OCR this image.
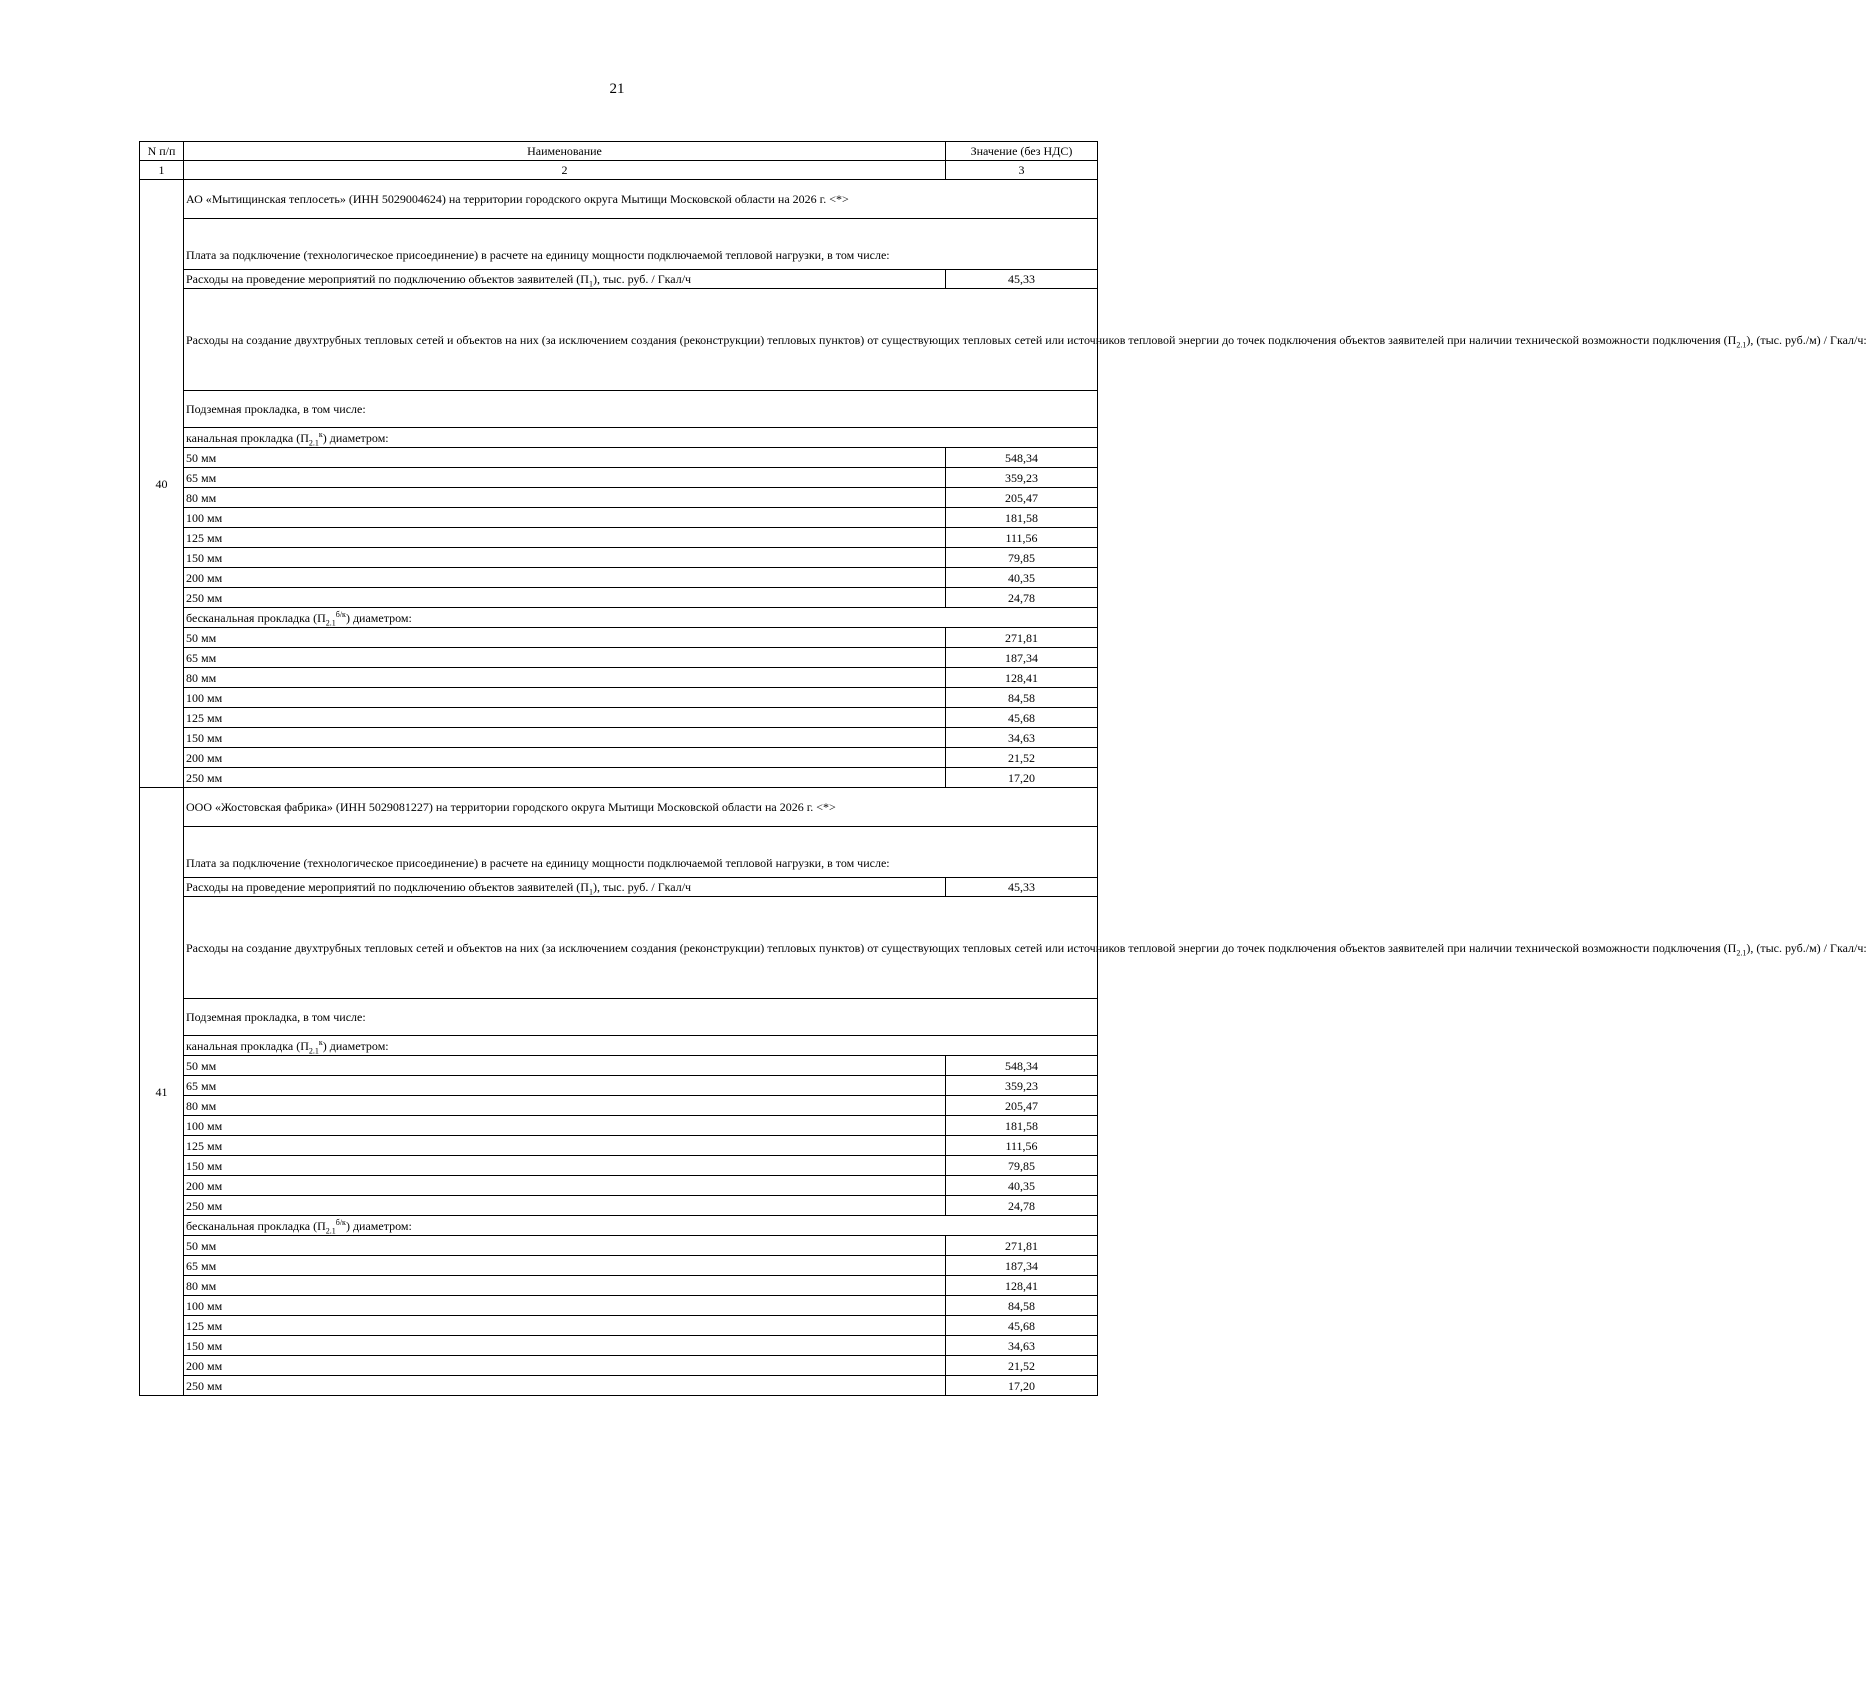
21
N п/п	Наименование	Значение (без НДС)
1	2	3
40	АО «Мытищинская теплосеть» (ИНН 5029004624) на территории городского округа Мытищи Московской области на 2026 г. <*>	

	Плата за подключение (технологическое присоединение) в расчете на единицу мощности подключаемой тепловой нагрузки, в том числе:	

	Расходы на проведение мероприятий по подключению объектов заявителей $(П_1)$, тыс. руб. / Гкал/ч	45,33
	Расходы на создание двухтрубных тепловых сетей и объектов на них (за исключением создания (реконструкции) тепловых пунктов) от существующих тепловых сетей или источников тепловой энергии до точек подключения объектов заявителей при наличии технической возможности подключения $(П_{2.1})$, (тыс. руб./м) / Гкал/ч:	
	Подземная прокладка, в том числе:	
	канальная прокладка $(П_{2.1}^к)$ диаметром:	
	50 мм	548,34
	65 мм	359,23
	80 мм	205,47
	100 мм	181,58
	125 мм	111,56
	150 мм	79,85
	200 мм	40,35
	250 мм	24,78
	бесканальная прокладка $(П_{2.1}^{б/к})$ диаметром:	
	50 мм	271,81
	65 мм	187,34
	80 мм	128,41
	100 мм	84,58
	125 мм	45,68
	150 мм	34,63
	200 мм	21,52
	250 мм	17,20
41	ООО «Жостовская фабрика» (ИНН 5029081227) на территории городского округа Мытищи Московской области на 2026 г. <*>	

	Плата за подключение (технологическое присоединение) в расчете на единицу мощности подключаемой тепловой нагрузки, в том числе:	

	Расходы на проведение мероприятий по подключению объектов заявителей $(П_1)$, тыс. руб. / Гкал/ч	45,33
	Расходы на создание двухтрубных тепловых сетей и объектов на них (за исключением создания (реконструкции) тепловых пунктов) от существующих тепловых сетей или источников тепловой энергии до точек подключения объектов заявителей при наличии технической возможности подключения $(П_{2.1})$, (тыс. руб./м) / Гкал/ч:	
	Подземная прокладка, в том числе:	
	канальная прокладка $(П_{2.1}^к)$ диаметром:	
	50 мм	548,34
	65 мм	359,23
	80 мм	205,47
	100 мм	181,58
	125 мм	111,56
	150 мм	79,85
	200 мм	40,35
	250 мм	24,78
	бесканальная прокладка $(П_{2.1}^{б/к})$ диаметром:	
	50 мм	271,81
	65 мм	187,34
	80 мм	128,41
	100 мм	84,58
	125 мм	45,68
	150 мм	34,63
	200 мм	21,52
	250 мм	17,20
